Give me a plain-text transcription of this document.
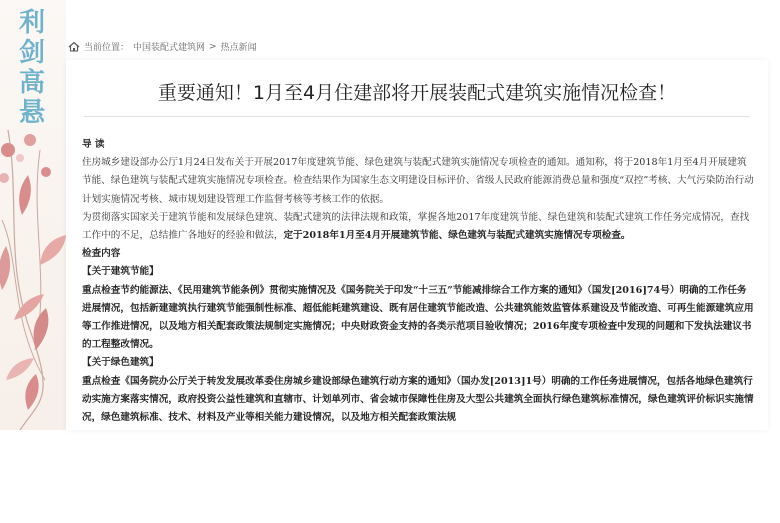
利
剑
高
悬
当前位置： 中国装配式建筑网 > 热点新闻
重要通知！1月至4月住建部将开展装配式建筑实施情况检查！

导 读

住房城乡建设部办公厅1月24日发布关于开展2017年度建筑节能、绿色建筑与装配式建筑实施情况专项检查的通知。通知称，将于2018年1月至4月开展建筑节能、绿色建筑与装配式建筑实施情况专项检查。检查结果作为国家生态文明建设目标评价、省级人民政府能源消费总量和强度“双控”考核、大气污染防治行动计划实施情况考核、城市规划建设管理工作监督考核等考核工作的依据。

为贯彻落实国家关于建筑节能和发展绿色建筑、装配式建筑的法律法规和政策，掌握各地2017年度建筑节能、绿色建筑和装配式建筑工作任务完成情况，查找工作中的不足，总结推广各地好的经验和做法，定于2018年1月至4月开展建筑节能、绿色建筑与装配式建筑实施情况专项检查。

检查内容

【关于建筑节能】

重点检查节约能源法、《民用建筑节能条例》贯彻实施情况及《国务院关于印发“十三五”节能减排综合工作方案的通知》（国发[2016]74号）明确的工作任务进展情况，包括新建建筑执行建筑节能强制性标准、超低能耗建筑建设、既有居住建筑节能改造、公共建筑能效监管体系建设及节能改造、可再生能源建筑应用等工作推进情况，以及地方相关配套政策法规制定实施情况；中央财政资金支持的各类示范项目验收情况；2016年度专项检查中发现的问题和下发执法建议书的工程整改情况。

【关于绿色建筑】

重点检查《国务院办公厅关于转发发展改革委住房城乡建设部绿色建筑行动方案的通知》（国办发[2013]1号）明确的工作任务进展情况，包括各地绿色建筑行动实施方案落实情况，政府投资公益性建筑和直辖市、计划单列市、省会城市保障性住房及大型公共建筑全面执行绿色建筑标准情况，绿色建筑评价标识实施情况，绿色建筑标准、技术、材料及产业等相关能力建设情况，以及地方相关配套政策法规
